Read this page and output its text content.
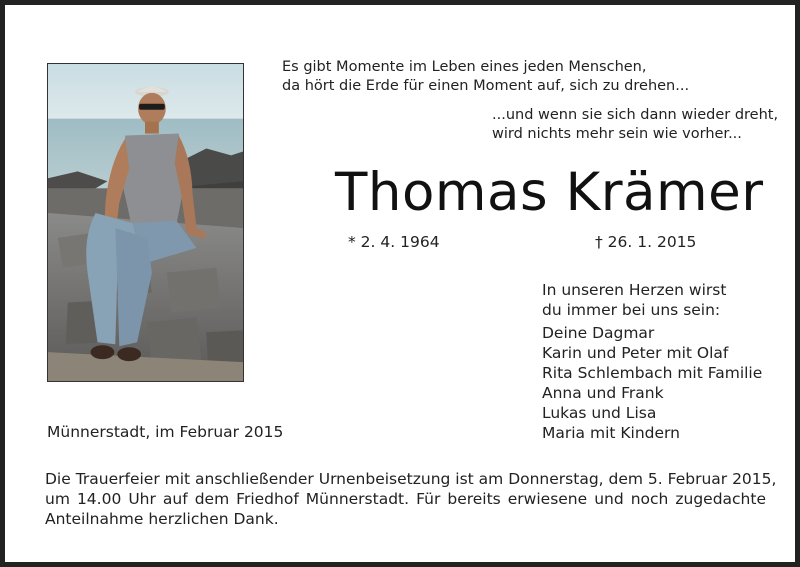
Es gibt Momente im Leben eines jeden Menschen,
da hört die Erde für einen Moment auf, sich zu drehen...
...und wenn sie sich dann wieder dreht,
wird nichts mehr sein wie vorher...
Thomas Krämer
* 2. 4. 1964	† 26. 1. 2015
In unseren Herzen wirst
du immer bei uns sein:
Deine Dagmar
Karin und Peter mit Olaf
Rita Schlembach mit Familie
Anna und Frank
Lukas und Lisa
Maria mit Kindern
Münnerstadt, im Februar 2015
Die Trauerfeier mit anschließender Urnenbeisetzung ist am Donnerstag, dem 5. Februar 2015,
um 14.00 Uhr auf dem Friedhof Münnerstadt. Für bereits erwiesene und noch zugedachte
Anteilnahme herzlichen Dank.
